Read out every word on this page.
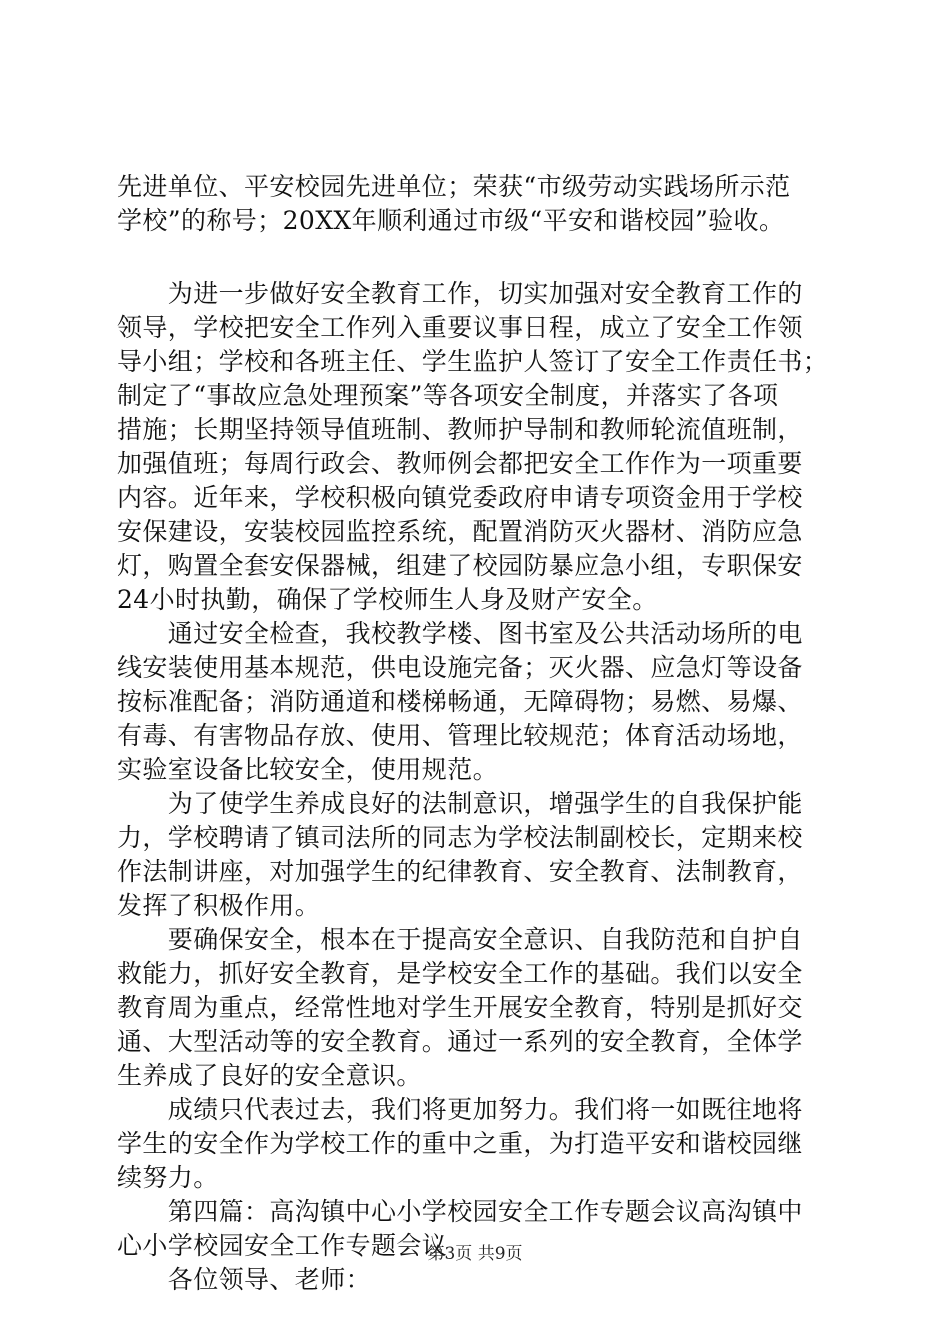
先进单位、平安校园先进单位；荣获“市级劳动实践场所示范
学校”的称号；20XX年顺利通过市级“平安和谐校园”验收。
　　为进一步做好安全教育工作，切实加强对安全教育工作的
领导，学校把安全工作列入重要议事日程，成立了安全工作领
导小组；学校和各班主任、学生监护人签订了安全工作责任书；
制定了“事故应急处理预案”等各项安全制度，并落实了各项
措施；长期坚持领导值班制、教师护导制和教师轮流值班制，
加强值班；每周行政会、教师例会都把安全工作作为一项重要
内容。近年来，学校积极向镇党委政府申请专项资金用于学校
安保建设，安装校园监控系统，配置消防灭火器材、消防应急
灯，购置全套安保器械，组建了校园防暴应急小组，专职保安
24小时执勤，确保了学校师生人身及财产安全。
　　通过安全检查，我校教学楼、图书室及公共活动场所的电
线安装使用基本规范，供电设施完备；灭火器、应急灯等设备
按标准配备；消防通道和楼梯畅通，无障碍物；易燃、易爆、
有毒、有害物品存放、使用、管理比较规范；体育活动场地，
实验室设备比较安全，使用规范。
　　为了使学生养成良好的法制意识，增强学生的自我保护能
力，学校聘请了镇司法所的同志为学校法制副校长，定期来校
作法制讲座，对加强学生的纪律教育、安全教育、法制教育，
发挥了积极作用。
　　要确保安全，根本在于提高安全意识、自我防范和自护自
救能力，抓好安全教育，是学校安全工作的基础。我们以安全
教育周为重点，经常性地对学生开展安全教育，特别是抓好交
通、大型活动等的安全教育。通过一系列的安全教育，全体学
生养成了良好的安全意识。
　　成绩只代表过去，我们将更加努力。我们将一如既往地将
学生的安全作为学校工作的重中之重，为打造平安和谐校园继
续努力。
　　第四篇：高沟镇中心小学校园安全工作专题会议高沟镇中
心小学校园安全工作专题会议
　　各位领导、老师：
第3页 共9页
